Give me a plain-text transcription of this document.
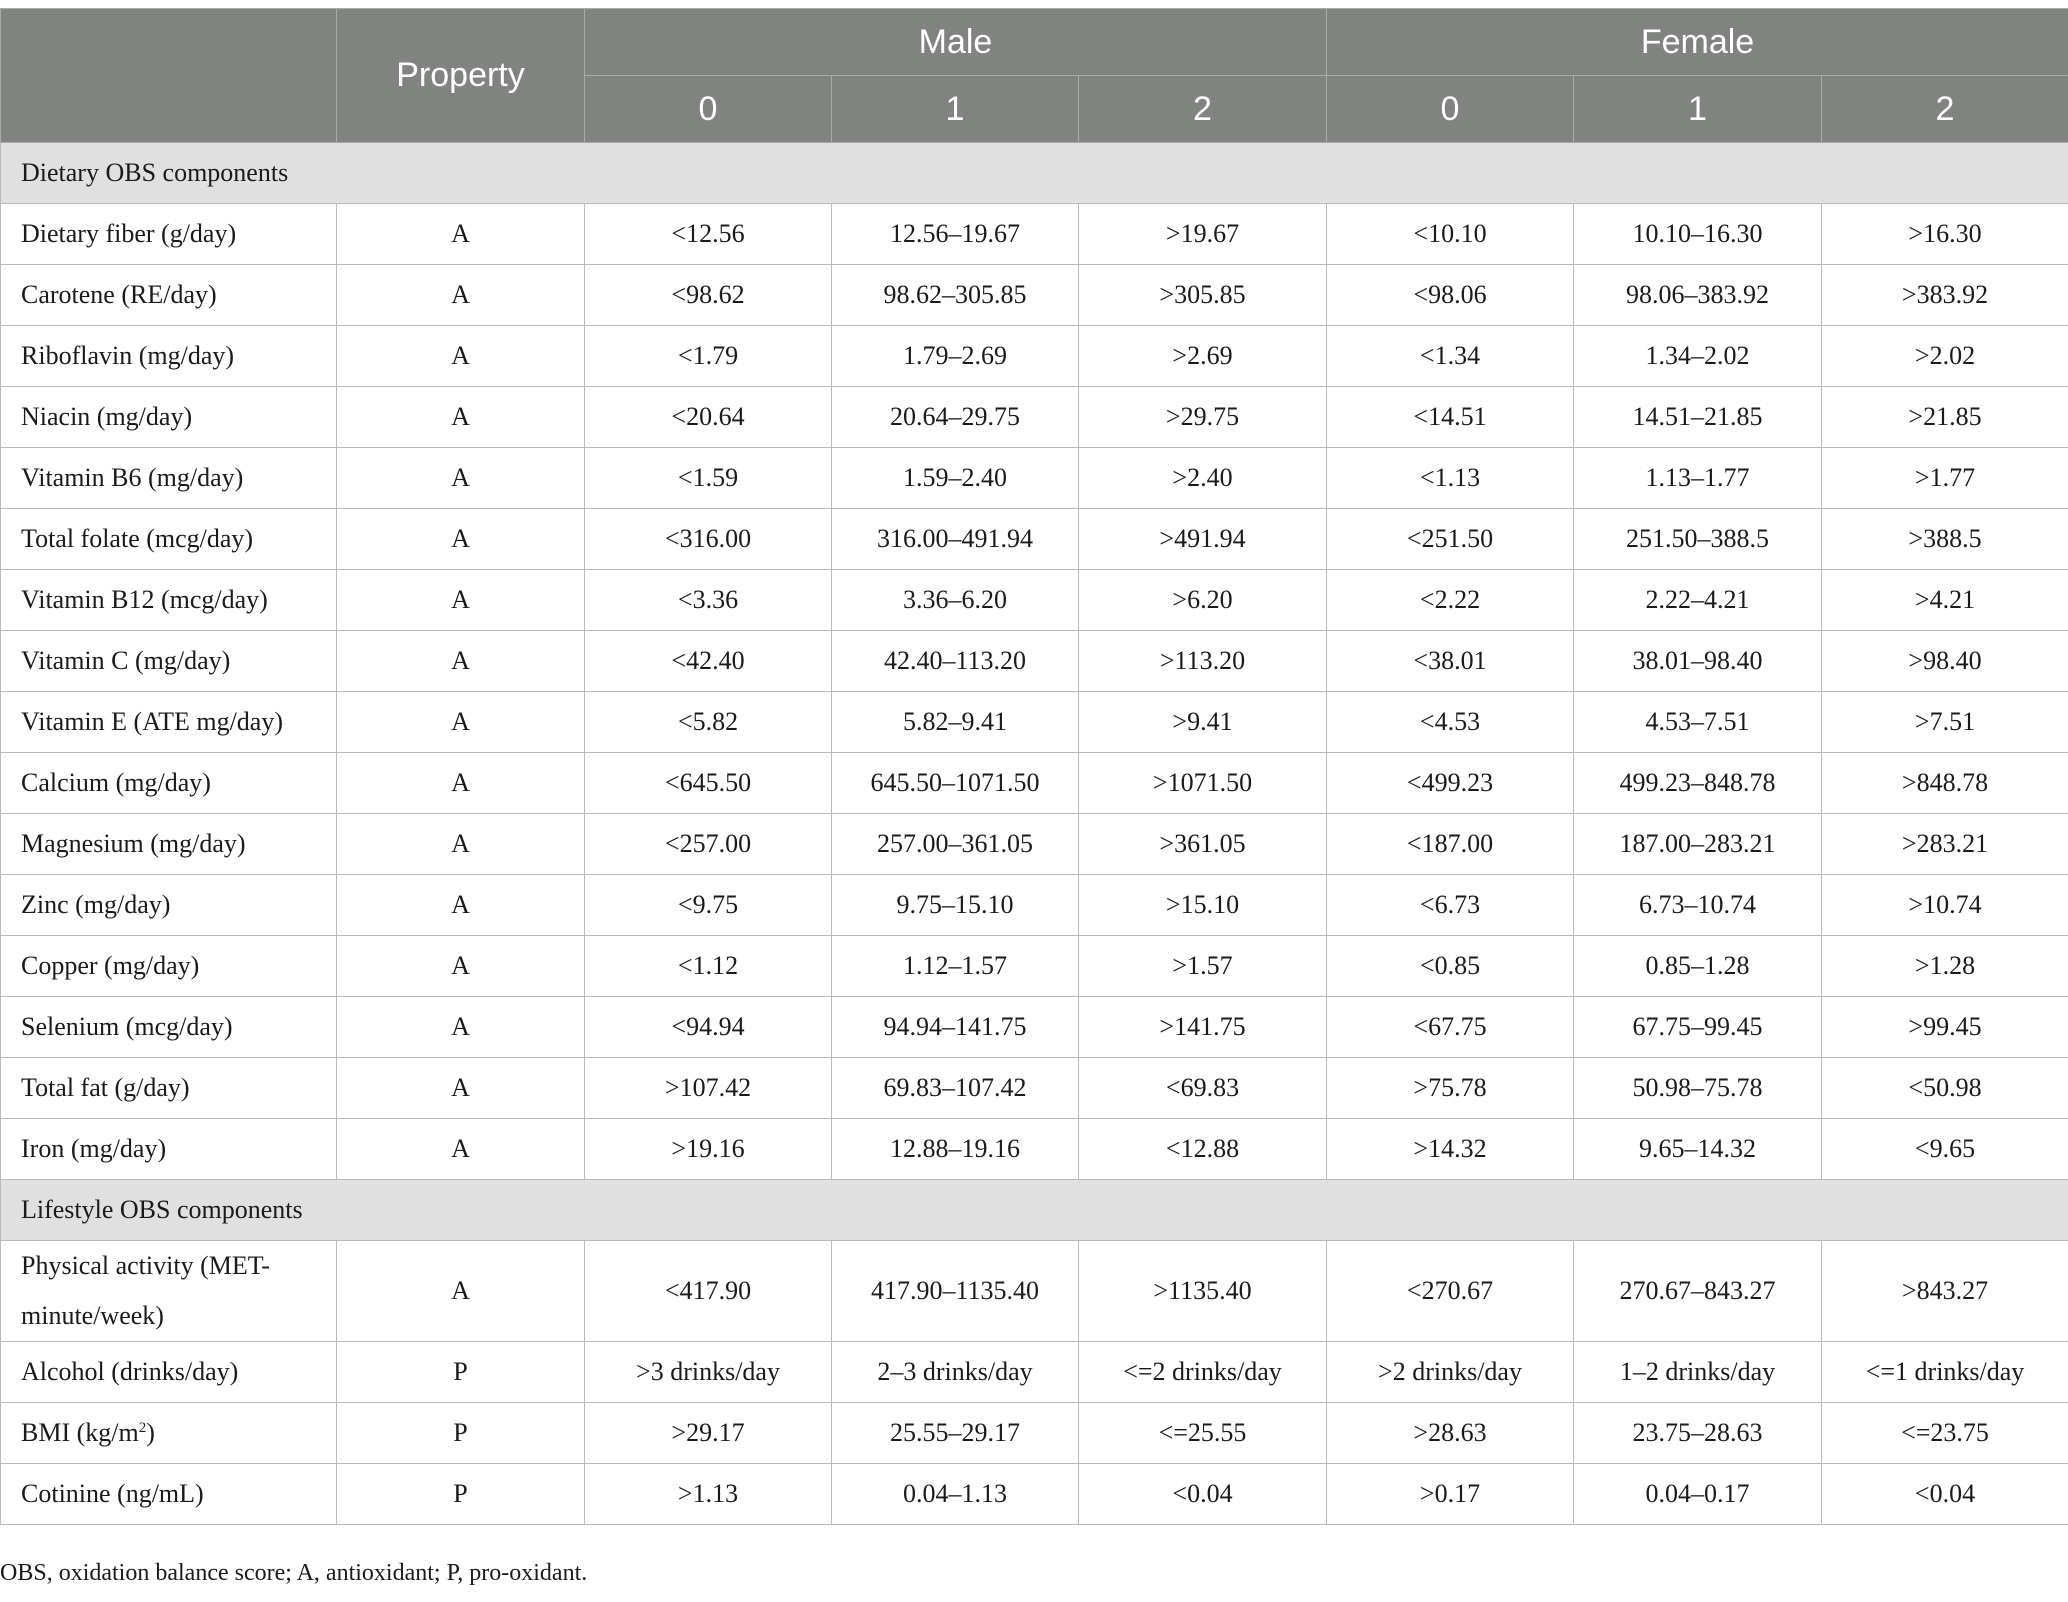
	Property	Male			Female		
		0	1	2	0	1	2
Dietary OBS components							
Dietary fiber (g/day)	A	<12.56	12.56–19.67	>19.67	<10.10	10.10–16.30	>16.30
Carotene (RE/day)	A	<98.62	98.62–305.85	>305.85	<98.06	98.06–383.92	>383.92
Riboflavin (mg/day)	A	<1.79	1.79–2.69	>2.69	<1.34	1.34–2.02	>2.02
Niacin (mg/day)	A	<20.64	20.64–29.75	>29.75	<14.51	14.51–21.85	>21.85
Vitamin B6 (mg/day)	A	<1.59	1.59–2.40	>2.40	<1.13	1.13–1.77	>1.77
Total folate (mcg/day)	A	<316.00	316.00–491.94	>491.94	<251.50	251.50–388.5	>388.5
Vitamin B12 (mcg/day)	A	<3.36	3.36–6.20	>6.20	<2.22	2.22–4.21	>4.21
Vitamin C (mg/day)	A	<42.40	42.40–113.20	>113.20	<38.01	38.01–98.40	>98.40
Vitamin E (ATE mg/day)	A	<5.82	5.82–9.41	>9.41	<4.53	4.53–7.51	>7.51
Calcium (mg/day)	A	<645.50	645.50–1071.50	>1071.50	<499.23	499.23–848.78	>848.78
Magnesium (mg/day)	A	<257.00	257.00–361.05	>361.05	<187.00	187.00–283.21	>283.21
Zinc (mg/day)	A	<9.75	9.75–15.10	>15.10	<6.73	6.73–10.74	>10.74
Copper (mg/day)	A	<1.12	1.12–1.57	>1.57	<0.85	0.85–1.28	>1.28
Selenium (mcg/day)	A	<94.94	94.94–141.75	>141.75	<67.75	67.75–99.45	>99.45
Total fat (g/day)	A	>107.42	69.83–107.42	<69.83	>75.78	50.98–75.78	<50.98
Iron (mg/day)	A	>19.16	12.88–19.16	<12.88	>14.32	9.65–14.32	<9.65
Lifestyle OBS components							
Physical activity (MET-minute/week)	A	<417.90	417.90–1135.40	>1135.40	<270.67	270.67–843.27	>843.27
Alcohol (drinks/day)	P	>3 drinks/day	2–3 drinks/day	<=2 drinks/day	>2 drinks/day	1–2 drinks/day	<=1 drinks/day
BMI $(kg/m^2)$	P	>29.17	25.55–29.17	<=25.55	>28.63	23.75–28.63	<=23.75
Cotinine (ng/mL)	P	>1.13	0.04–1.13	<0.04	>0.17	0.04–0.17	<0.04
OBS, oxidation balance score; A, antioxidant; P, pro-oxidant.
